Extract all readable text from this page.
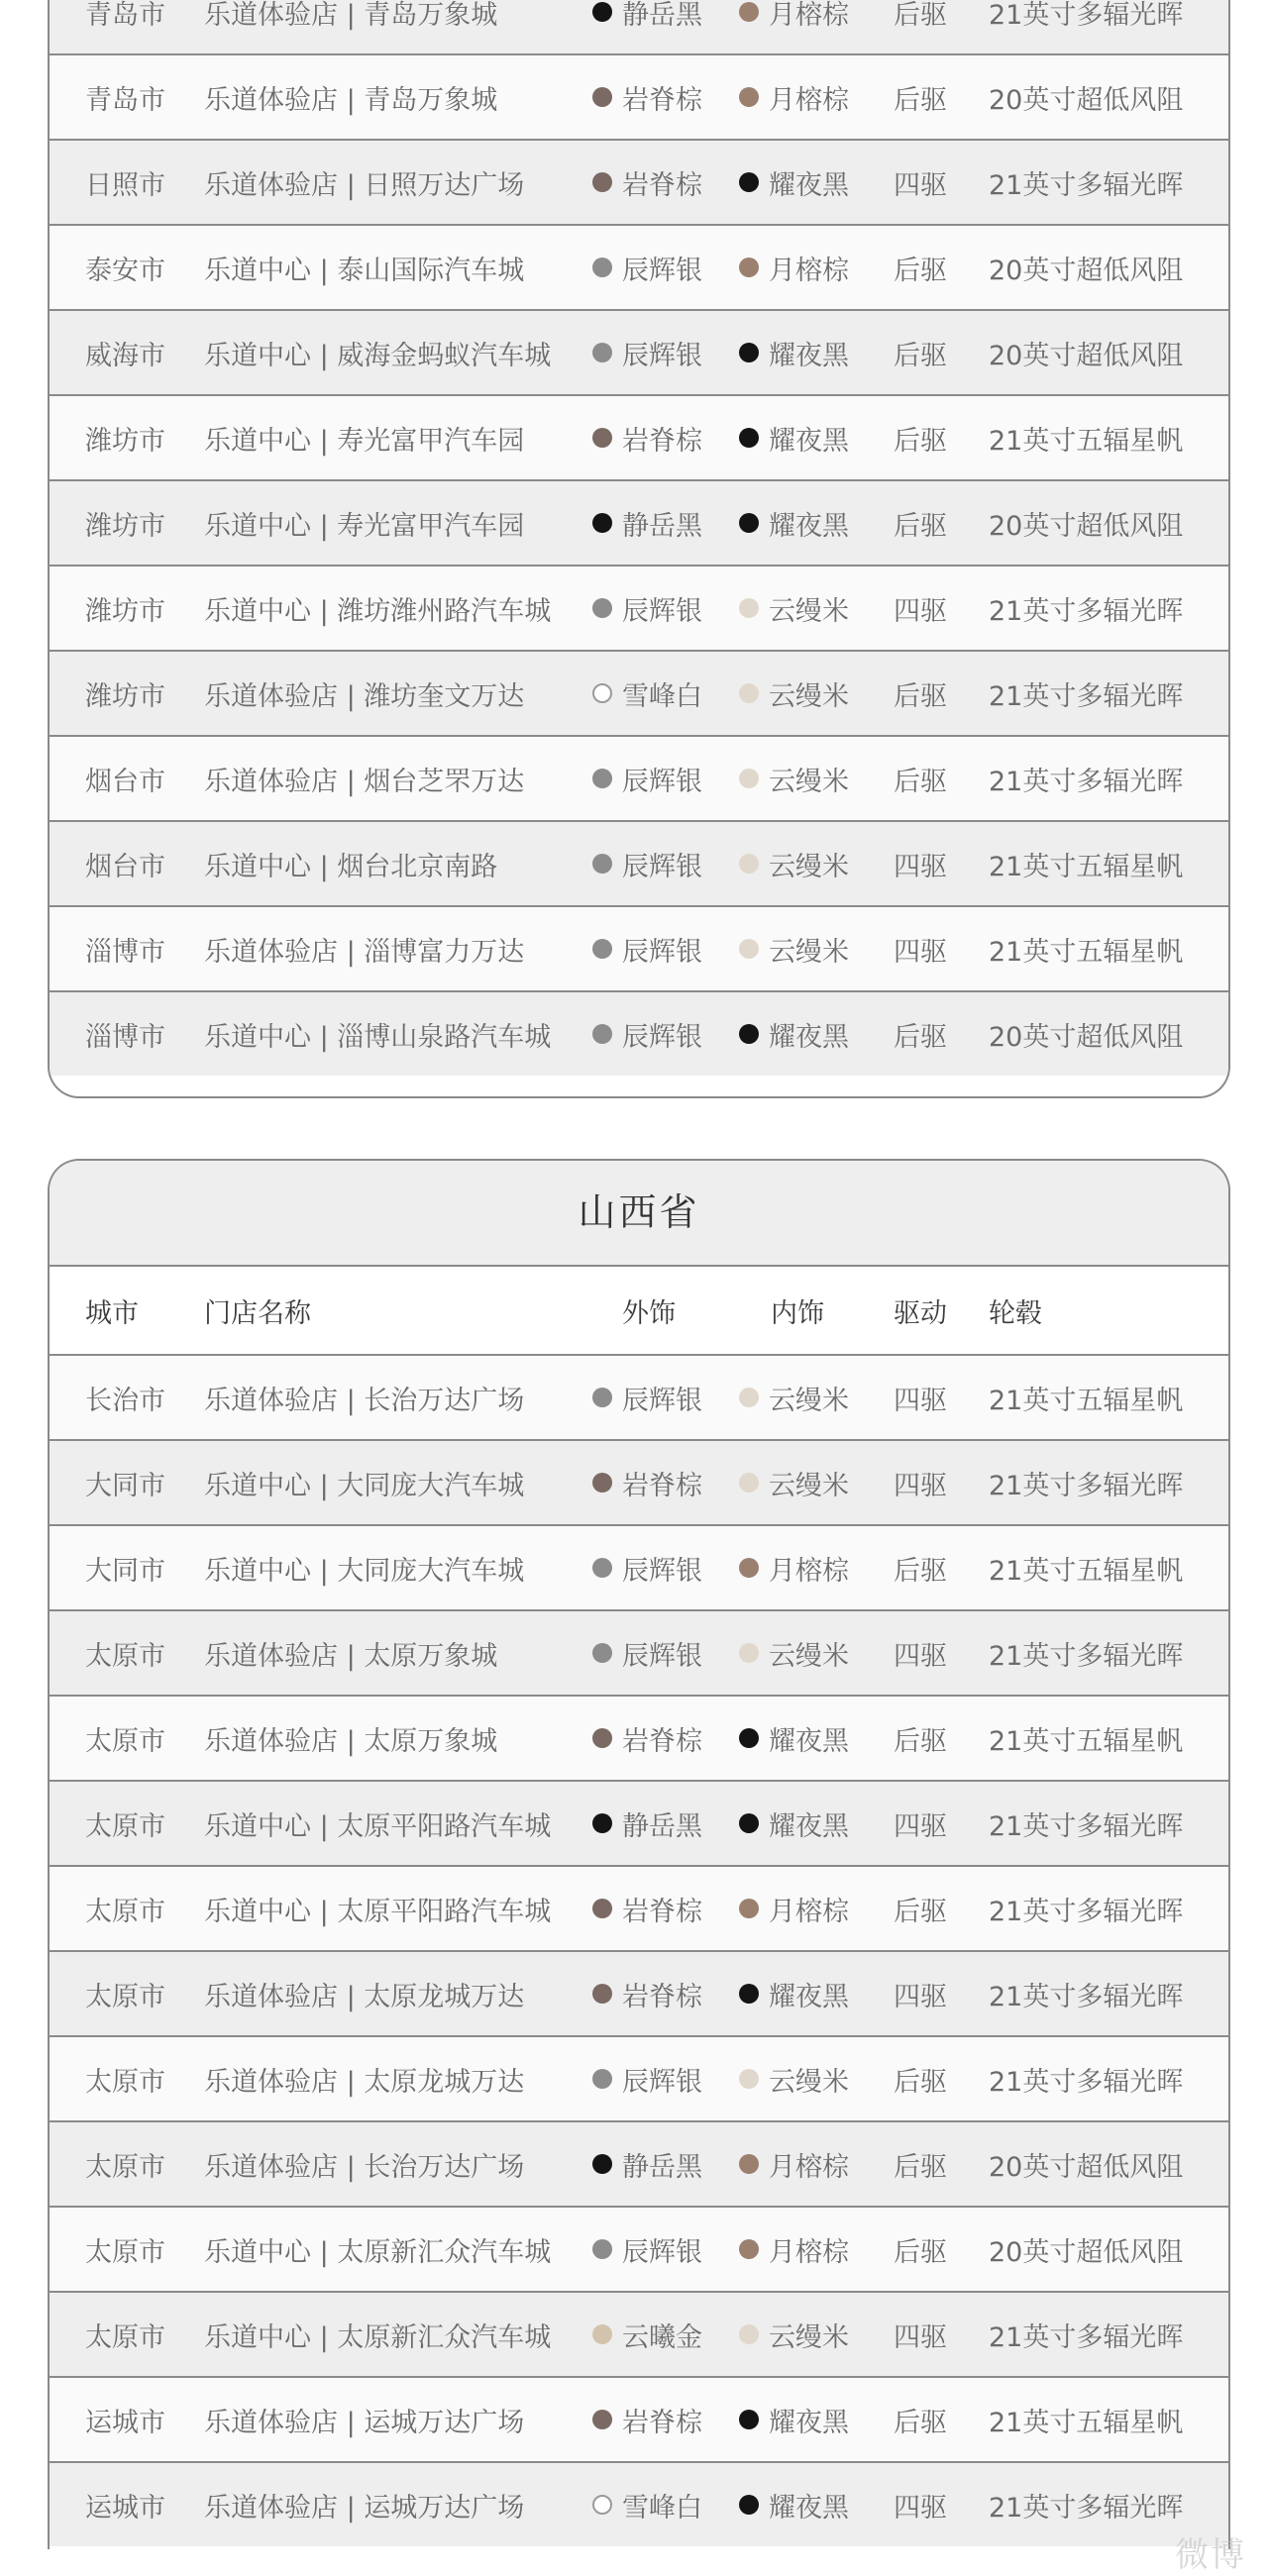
青岛市 乐道体验店 | 青岛万象城	静岳黑 月榕棕 后驱 21英寸多辐光晖
青岛市 乐道体验店 | 青岛万象城	岩脊棕 月榕棕 后驱 20英寸超低风阻
日照市 乐道体验店 | 日照万达广场	岩脊棕 耀夜黑 四驱 21英寸多辐光晖
泰安市 乐道中心 | 泰山国际汽车城	辰辉银 月榕棕 后驱 20英寸超低风阻
威海市 乐道中心 | 威海金蚂蚁汽车城	辰辉银 耀夜黑 后驱 20英寸超低风阻
潍坊市 乐道中心 | 寿光富甲汽车园	岩脊棕 耀夜黑 后驱 21英寸五辐星帆
潍坊市 乐道中心 | 寿光富甲汽车园	静岳黑 耀夜黑 后驱 20英寸超低风阻
潍坊市 乐道中心 | 潍坊潍州路汽车城	辰辉银 云缦米 四驱 21英寸多辐光晖
潍坊市 乐道体验店 | 潍坊奎文万达	雪峰白 云缦米 后驱 21英寸多辐光晖
烟台市 乐道体验店 | 烟台芝罘万达	辰辉银 云缦米 后驱 21英寸多辐光晖
烟台市 乐道中心 | 烟台北京南路	辰辉银 云缦米 四驱 21英寸五辐星帆
淄博市 乐道体验店 | 淄博富力万达	辰辉银 云缦米 四驱 21英寸五辐星帆
淄博市 乐道中心 | 淄博山泉路汽车城	辰辉银 耀夜黑 后驱 20英寸超低风阻
山西省
城市 门店名称	外饰	内饰	驱动 轮毂
长治市 乐道体验店 | 长治万达广场	辰辉银 云缦米 四驱 21英寸五辐星帆
大同市 乐道中心 | 大同庞大汽车城	岩脊棕 云缦米 四驱 21英寸多辐光晖
大同市 乐道中心 | 大同庞大汽车城	辰辉银 月榕棕 后驱 21英寸五辐星帆
太原市 乐道体验店 | 太原万象城	辰辉银 云缦米 四驱 21英寸多辐光晖
太原市 乐道体验店 | 太原万象城	岩脊棕 耀夜黑 后驱 21英寸五辐星帆
太原市 乐道中心 | 太原平阳路汽车城	静岳黑 耀夜黑 四驱 21英寸多辐光晖
太原市 乐道中心 | 太原平阳路汽车城	岩脊棕 月榕棕 后驱 21英寸多辐光晖
太原市 乐道体验店 | 太原龙城万达	岩脊棕 耀夜黑 四驱 21英寸多辐光晖
太原市 乐道体验店 | 太原龙城万达	辰辉银 云缦米 后驱 21英寸多辐光晖
太原市 乐道体验店 | 长治万达广场	静岳黑 月榕棕 后驱 20英寸超低风阻
太原市 乐道中心 | 太原新汇众汽车城	辰辉银 月榕棕 后驱 20英寸超低风阻
太原市 乐道中心 | 太原新汇众汽车城	云曦金 云缦米 四驱 21英寸多辐光晖
运城市 乐道体验店 | 运城万达广场	岩脊棕 耀夜黑 后驱 21英寸五辐星帆
运城市 乐道体验店 | 运城万达广场	雪峰白 耀夜黑 四驱 21英寸多辐光晖
微博
